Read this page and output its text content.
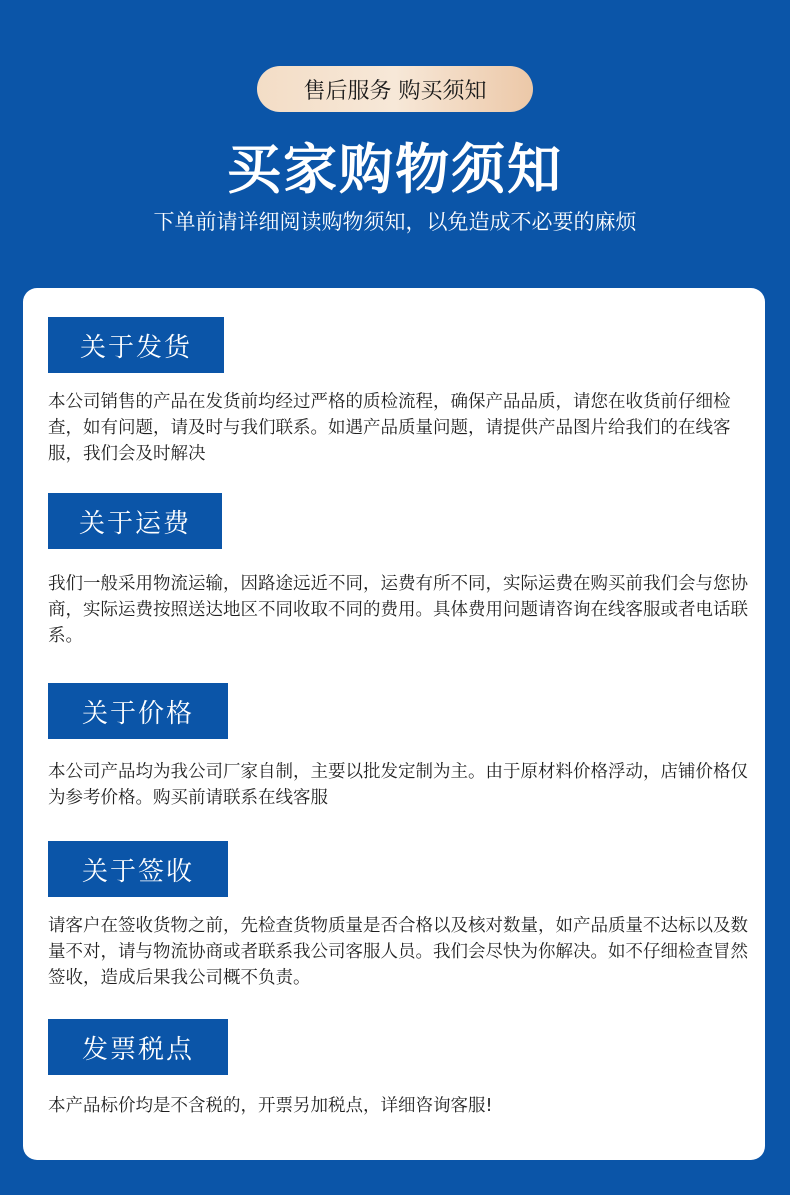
售后服务 购买须知
买家购物须知
下单前请详细阅读购物须知，以免造成不必要的麻烦
关于发货
本公司销售的产品在发货前均经过严格的质检流程，确保产品品质，请您在收货前仔细检查，如有问题，请及时与我们联系。如遇产品质量问题，请提供产品图片给我们的在线客服，我们会及时解决
关于运费
我们一般采用物流运输，因路途远近不同，运费有所不同，实际运费在购买前我们会与您协商，实际运费按照送达地区不同收取不同的费用。具体费用问题请咨询在线客服或者电话联系。
关于价格
本公司产品均为我公司厂家自制，主要以批发定制为主。由于原材料价格浮动，店铺价格仅为参考价格。购买前请联系在线客服
关于签收
请客户在签收货物之前，先检查货物质量是否合格以及核对数量，如产品质量不达标以及数量不对，请与物流协商或者联系我公司客服人员。我们会尽快为你解决。如不仔细检查冒然签收，造成后果我公司概不负责。
发票税点
本产品标价均是不含税的，开票另加税点，详细咨询客服!
